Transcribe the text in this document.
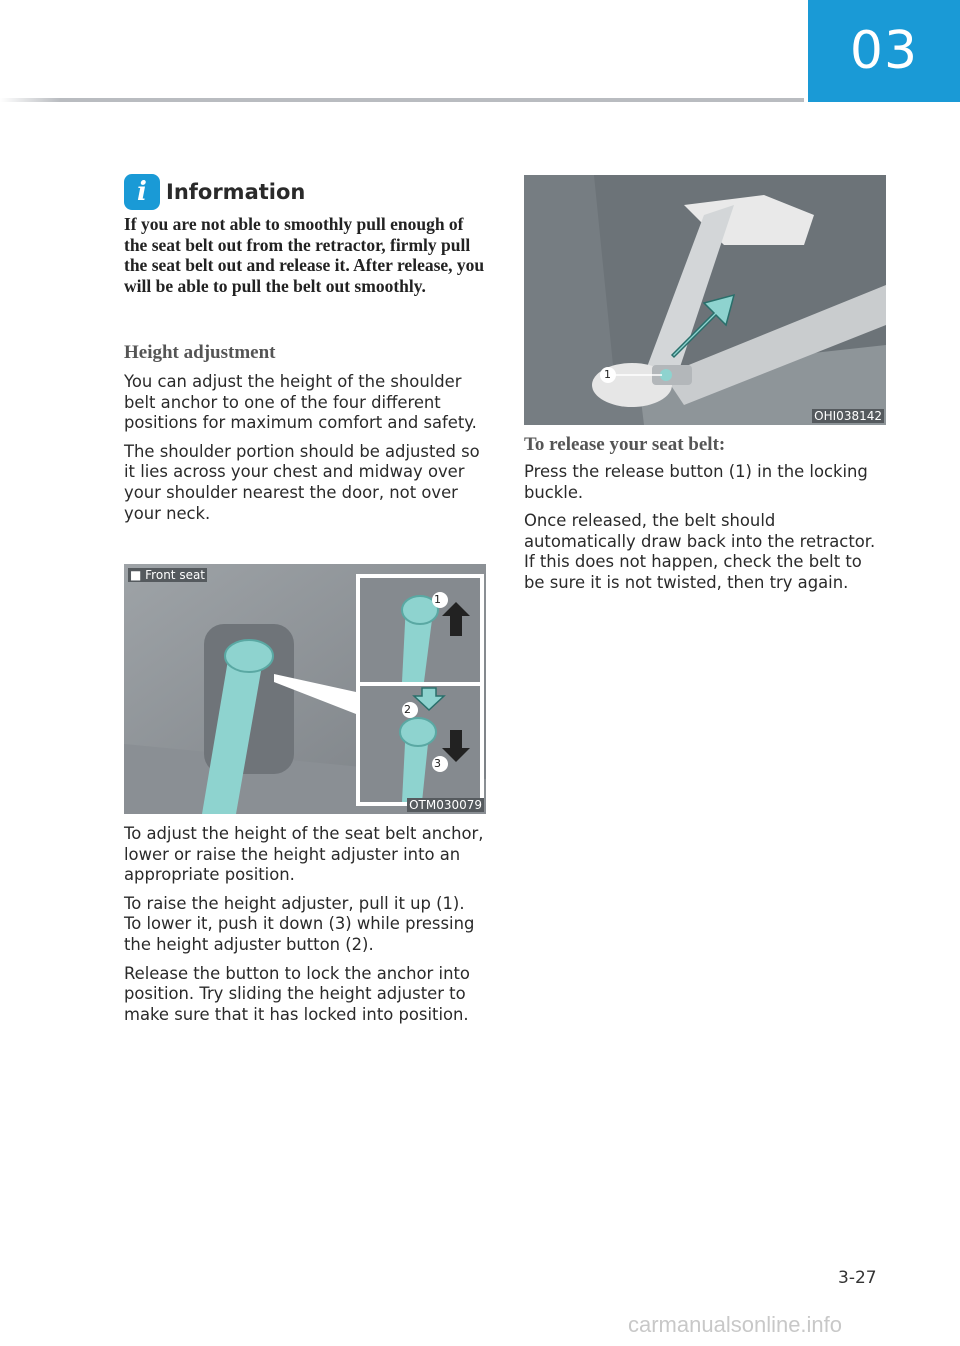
03
i Information
If you are not able to smoothly pull enough of the seat belt out from the retractor, firmly pull the seat belt out and release it. After release, you will be able to pull the belt out smoothly.
Height adjustment

You can adjust the height of the shoulder belt anchor to one of the four different positions for maximum comfort and safety.

The shoulder portion should be adjusted so it lies across your chest and midway over your shoulder nearest the door, not over your neck.

■ Front seat
OTM030079
1
2
3

To adjust the height of the seat belt anchor, lower or raise the height adjuster into an appropriate position.

To raise the height adjuster, pull it up (1). To lower it, push it down (3) while pressing the height adjuster button (2).

Release the button to lock the anchor into position. Try sliding the height adjuster to make sure that it has locked into position.

OHI038142
1
To release your seat belt:

Press the release button (1) in the locking buckle.

Once released, the belt should automatically draw back into the retractor. If this does not happen, check the belt to be sure it is not twisted, then try again.

3-27
carmanualsonline.info
